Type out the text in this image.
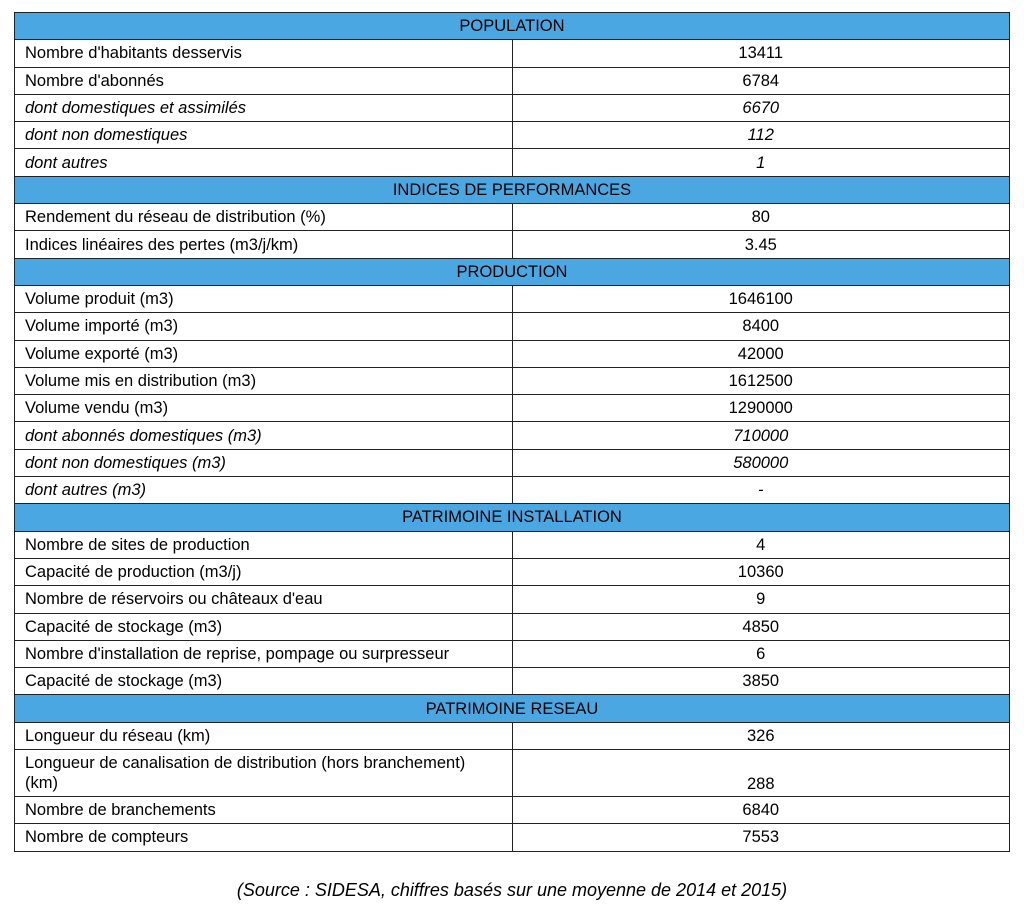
POPULATION	
Nombre d'habitants desservis	13411
Nombre d'abonnés	6784
dont domestiques et assimilés	6670
dont non domestiques	112
dont autres	1
INDICES DE PERFORMANCES	
Rendement du réseau de distribution (%)	80
Indices linéaires des pertes (m3/j/km)	3.45
PRODUCTION	
Volume produit (m3)	1646100
Volume importé (m3)	8400
Volume exporté (m3)	42000
Volume mis en distribution (m3)	1612500
Volume vendu (m3)	1290000
dont abonnés domestiques (m3)	710000
dont non domestiques (m3)	580000
dont autres (m3)	-
PATRIMOINE INSTALLATION	
Nombre de sites de production	4
Capacité de production (m3/j)	10360
Nombre de réservoirs ou châteaux d'eau	9
Capacité de stockage (m3)	4850
Nombre d'installation de reprise, pompage ou surpresseur	6
Capacité de stockage (m3)	3850
PATRIMOINE RESEAU	
Longueur du réseau (km)	326
Longueur de canalisation de distribution (hors branchement) (km)	288
Nombre de branchements	6840
Nombre de compteurs	7553
(Source : SIDESA, chiffres basés sur une moyenne de 2014 et 2015)
